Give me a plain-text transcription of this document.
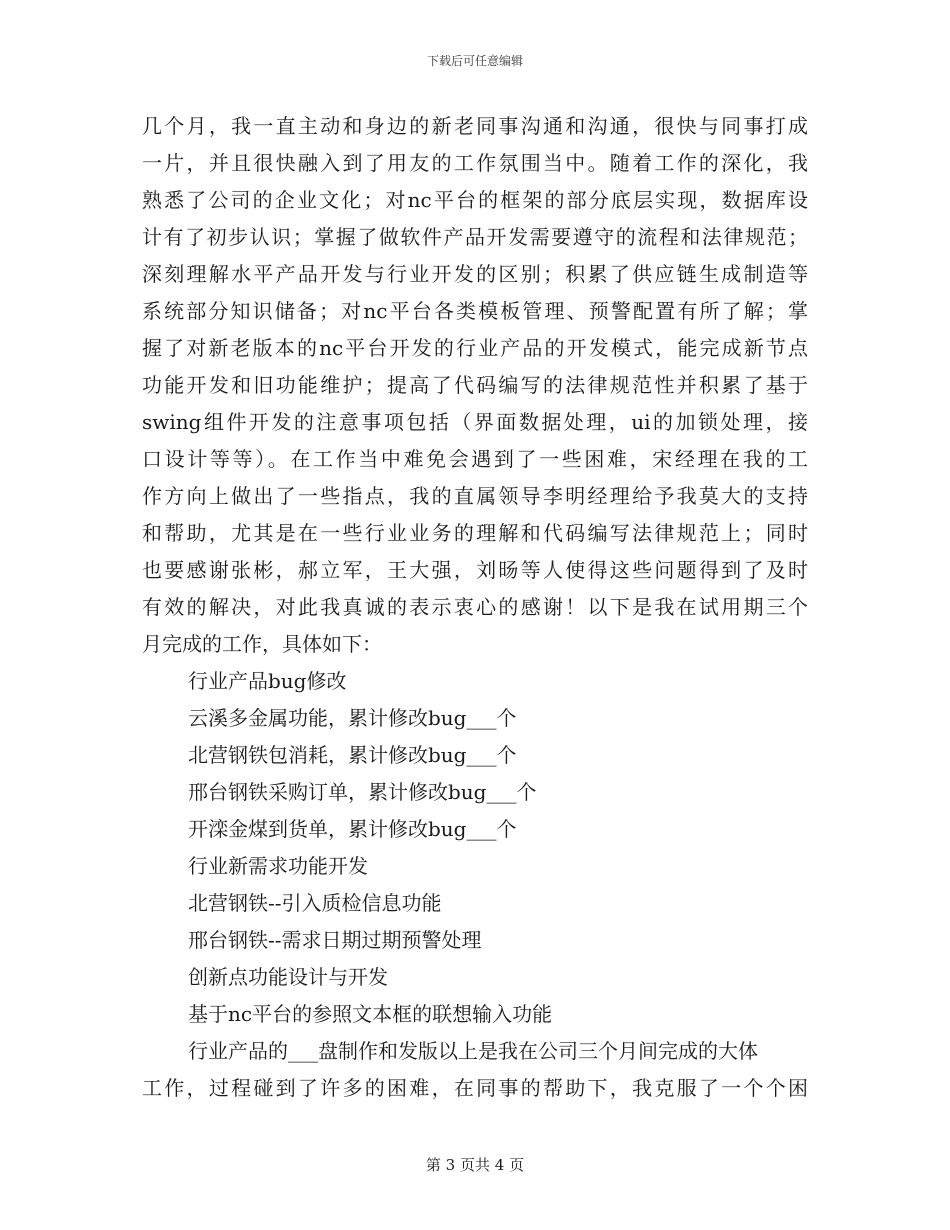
下载后可任意编辑
几个月，我一直主动和身边的新老同事沟通和沟通，很快与同事打成
一片，并且很快融入到了用友的工作氛围当中。随着工作的深化，我
熟悉了公司的企业文化；对nc平台的框架的部分底层实现，数据库设
计有了初步认识；掌握了做软件产品开发需要遵守的流程和法律规范；
深刻理解水平产品开发与行业开发的区别；积累了供应链生成制造等
系统部分知识储备；对nc平台各类模板管理、预警配置有所了解；掌
握了对新老版本的nc平台开发的行业产品的开发模式，能完成新节点
功能开发和旧功能维护；提高了代码编写的法律规范性并积累了基于
swing组件开发的注意事项包括（界面数据处理，ui的加锁处理，接
口设计等等）。在工作当中难免会遇到了一些困难，宋经理在我的工
作方向上做出了一些指点，我的直属领导李明经理给予我莫大的支持
和帮助，尤其是在一些行业业务的理解和代码编写法律规范上；同时
也要感谢张彬，郝立军，王大强，刘旸等人使得这些问题得到了及时
有效的解决，对此我真诚的表示衷心的感谢！以下是我在试用期三个
月完成的工作，具体如下：
行业产品bug修改
云溪多金属功能，累计修改bug___个
北营钢铁包消耗，累计修改bug___个
邢台钢铁采购订单，累计修改bug___个
开滦金煤到货单，累计修改bug___个
行业新需求功能开发
北营钢铁--引入质检信息功能
邢台钢铁--需求日期过期预警处理
创新点功能设计与开发
基于nc平台的参照文本框的联想输入功能
行业产品的___盘制作和发版以上是我在公司三个月间完成的大体
工作，过程碰到了许多的困难，在同事的帮助下，我克服了一个个困
第 3 页共 4 页
